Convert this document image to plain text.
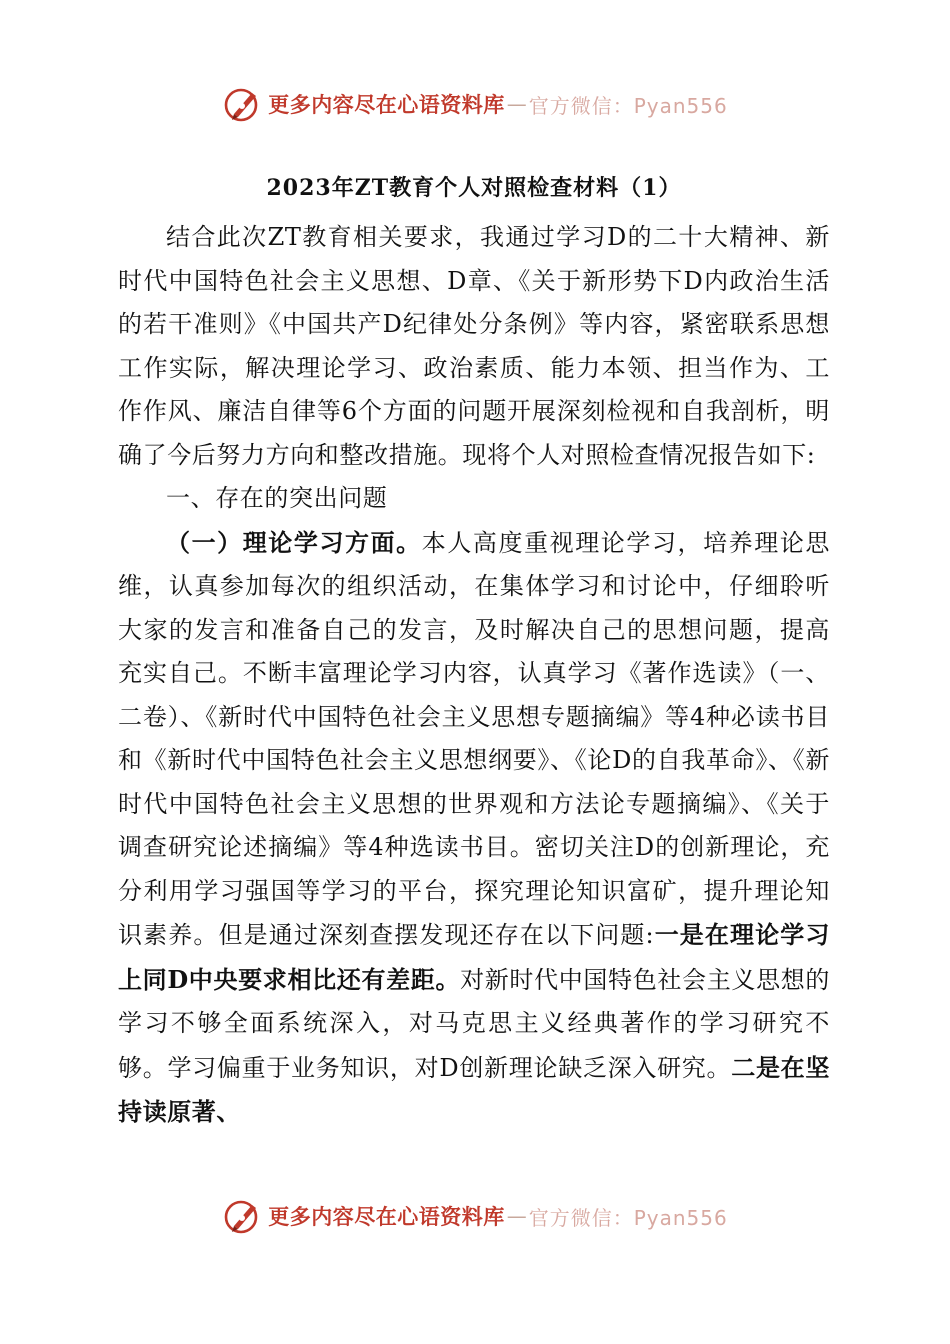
更多内容尽在心语资料库 — 官方微信：Pyan556
2023年ZT教育个人对照检查材料（1）

结合此次ZT教育相关要求，我通过学习D的二十大精神、新时代中国特色社会主义思想、D章、《关于新形势下D内政治生活的若干准则》《中国共产D纪律处分条例》等内容，紧密联系思想工作实际，解决理论学习、政治素质、能力本领、担当作为、工作作风、廉洁自律等6个方面的问题开展深刻检视和自我剖析，明确了今后努力方向和整改措施。现将个人对照检查情况报告如下:

一、存在的突出问题

（一）理论学习方面。本人高度重视理论学习，培养理论思维，认真参加每次的组织活动，在集体学习和讨论中，仔细聆听大家的发言和准备自己的发言，及时解决自己的思想问题，提高充实自己。不断丰富理论学习内容，认真学习《著作选读》（一、二卷）、《新时代中国特色社会主义思想专题摘编》等4种必读书目和《新时代中国特色社会主义思想纲要》、《论D的自我革命》、《新时代中国特色社会主义思想的世界观和方法论专题摘编》、《关于调查研究论述摘编》等4种选读书目。密切关注D的创新理论，充分利用学习强国等学习的平台，探究理论知识富矿，提升理论知识素养。但是通过深刻查摆发现还存在以下问题:一是在理论学习上同D中央要求相比还有差距。对新时代中国特色社会主义思想的学习不够全面系统深入，对马克思主义经典著作的学习研究不够。学习偏重于业务知识，对D创新理论缺乏深入研究。二是在坚持读原著、

更多内容尽在心语资料库 — 官方微信：Pyan556
